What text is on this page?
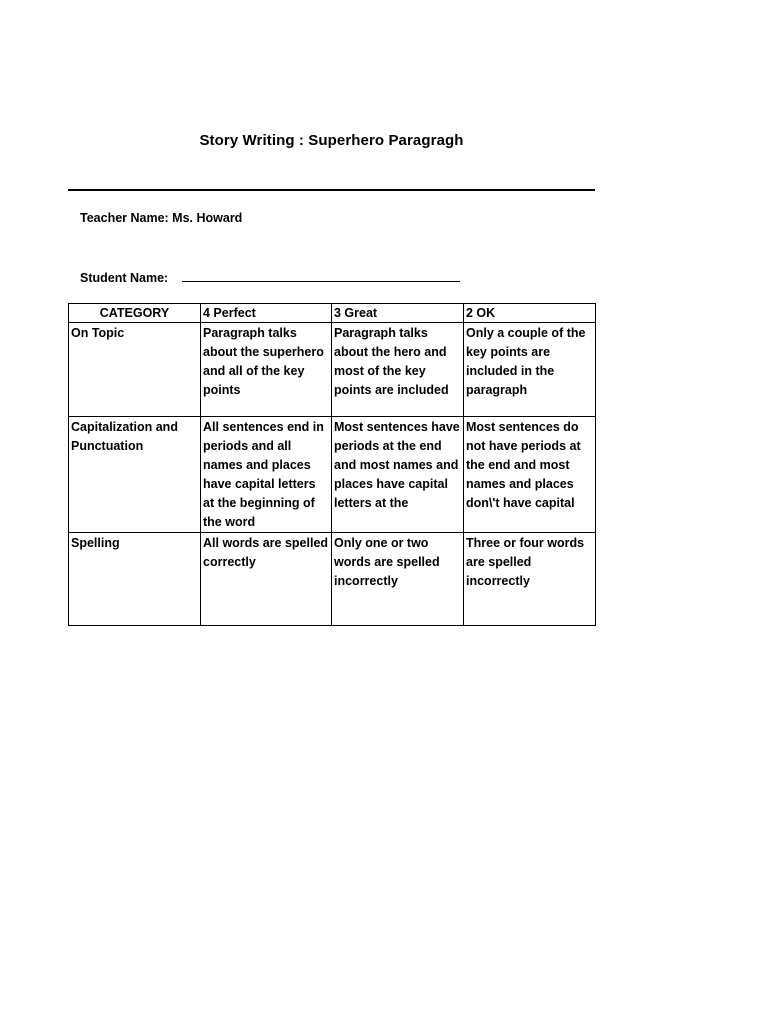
Story Writing : Superhero Paragragh
Teacher Name: Ms. Howard
Student Name:
CATEGORY	4 Perfect	3 Great	2 OK

On Topic	Paragraph talks about the superhero and all of the key points	Paragraph talks about the hero and most of the key points are included	Only a couple of the key points are included in the paragraph

Capitalization and Punctuation	All sentences end in periods and all names and places have capital letters at the beginning of the word	Most sentences have periods at the end and most names and places have capital letters at the	Most sentences do not have periods at the end and most names and places don\'t have capital

Spelling	All words are spelled correctly	Only one or two words are spelled incorrectly	Three or four words are spelled incorrectly
